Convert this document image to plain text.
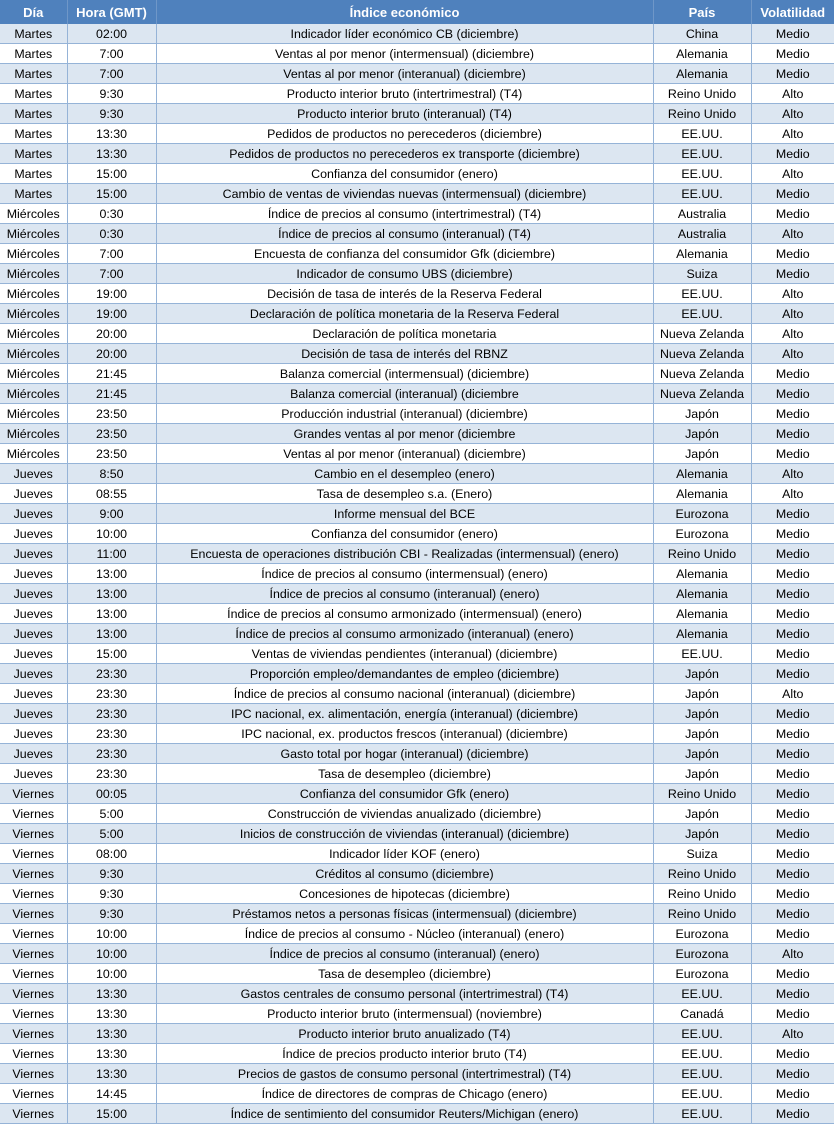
Día	Hora (GMT)	Índice económico	País	Volatilidad
Martes	02:00	Indicador líder económico CB (diciembre)	China	Medio
Martes	7:00	Ventas al por menor (intermensual) (diciembre)	Alemania	Medio
Martes	7:00	Ventas al por menor (interanual) (diciembre)	Alemania	Medio
Martes	9:30	Producto interior bruto (intertrimestral) (T4)	Reino Unido	Alto
Martes	9:30	Producto interior bruto (interanual) (T4)	Reino Unido	Alto
Martes	13:30	Pedidos de productos no perecederos (diciembre)	EE.UU.	Alto
Martes	13:30	Pedidos de productos no perecederos ex transporte (diciembre)	EE.UU.	Medio
Martes	15:00	Confianza del consumidor (enero)	EE.UU.	Alto
Martes	15:00	Cambio de ventas de viviendas nuevas (intermensual) (diciembre)	EE.UU.	Medio
Miércoles	0:30	Índice de precios al consumo (intertrimestral) (T4)	Australia	Medio
Miércoles	0:30	Índice de precios al consumo (interanual) (T4)	Australia	Alto
Miércoles	7:00	Encuesta de confianza del consumidor Gfk (diciembre)	Alemania	Medio
Miércoles	7:00	Indicador de consumo UBS (diciembre)	Suiza	Medio
Miércoles	19:00	Decisión de tasa de interés de la Reserva Federal	EE.UU.	Alto
Miércoles	19:00	Declaración de política monetaria de la Reserva Federal	EE.UU.	Alto
Miércoles	20:00	Declaración de política monetaria	Nueva Zelanda	Alto
Miércoles	20:00	Decisión de tasa de interés del RBNZ	Nueva Zelanda	Alto
Miércoles	21:45	Balanza comercial (intermensual) (diciembre)	Nueva Zelanda	Medio
Miércoles	21:45	Balanza comercial (interanual) (diciembre	Nueva Zelanda	Medio
Miércoles	23:50	Producción industrial (interanual) (diciembre)	Japón	Medio
Miércoles	23:50	Grandes ventas al por menor (diciembre	Japón	Medio
Miércoles	23:50	Ventas al por menor (interanual) (diciembre)	Japón	Medio
Jueves	8:50	Cambio en el desempleo (enero)	Alemania	Alto
Jueves	08:55	Tasa de desempleo s.a. (Enero)	Alemania	Alto
Jueves	9:00	Informe mensual del BCE	Eurozona	Medio
Jueves	10:00	Confianza del consumidor (enero)	Eurozona	Medio
Jueves	11:00	Encuesta de operaciones distribución CBI - Realizadas (intermensual) (enero)	Reino Unido	Medio
Jueves	13:00	Índice de precios al consumo (intermensual) (enero)	Alemania	Medio
Jueves	13:00	Índice de precios al consumo (interanual) (enero)	Alemania	Medio
Jueves	13:00	Índice de precios al consumo armonizado (intermensual) (enero)	Alemania	Medio
Jueves	13:00	Índice de precios al consumo armonizado (interanual) (enero)	Alemania	Medio
Jueves	15:00	Ventas de viviendas pendientes (interanual) (diciembre)	EE.UU.	Medio
Jueves	23:30	Proporción empleo/demandantes de empleo (diciembre)	Japón	Medio
Jueves	23:30	Índice de precios al consumo nacional (interanual) (diciembre)	Japón	Alto
Jueves	23:30	IPC nacional, ex. alimentación, energía (interanual) (diciembre)	Japón	Medio
Jueves	23:30	IPC nacional, ex. productos frescos (interanual) (diciembre)	Japón	Medio
Jueves	23:30	Gasto total por hogar (interanual) (diciembre)	Japón	Medio
Jueves	23:30	Tasa de desempleo (diciembre)	Japón	Medio
Viernes	00:05	Confianza del consumidor Gfk (enero)	Reino Unido	Medio
Viernes	5:00	Construcción de viviendas anualizado (diciembre)	Japón	Medio
Viernes	5:00	Inicios de construcción de viviendas (interanual) (diciembre)	Japón	Medio
Viernes	08:00	Indicador líder KOF (enero)	Suiza	Medio
Viernes	9:30	Créditos al consumo (diciembre)	Reino Unido	Medio
Viernes	9:30	Concesiones de hipotecas (diciembre)	Reino Unido	Medio
Viernes	9:30	Préstamos netos a personas físicas (intermensual) (diciembre)	Reino Unido	Medio
Viernes	10:00	Índice de precios al consumo - Núcleo (interanual) (enero)	Eurozona	Medio
Viernes	10:00	Índice de precios al consumo (interanual) (enero)	Eurozona	Alto
Viernes	10:00	Tasa de desempleo (diciembre)	Eurozona	Medio
Viernes	13:30	Gastos centrales de consumo personal (intertrimestral) (T4)	EE.UU.	Medio
Viernes	13:30	Producto interior bruto (intermensual) (noviembre)	Canadá	Medio
Viernes	13:30	Producto interior bruto anualizado (T4)	EE.UU.	Alto
Viernes	13:30	Índice de precios producto interior bruto (T4)	EE.UU.	Medio
Viernes	13:30	Precios de gastos de consumo personal (intertrimestral) (T4)	EE.UU.	Medio
Viernes	14:45	Índice de directores de compras de Chicago (enero)	EE.UU.	Medio
Viernes	15:00	Índice de sentimiento del consumidor Reuters/Michigan (enero)	EE.UU.	Medio
